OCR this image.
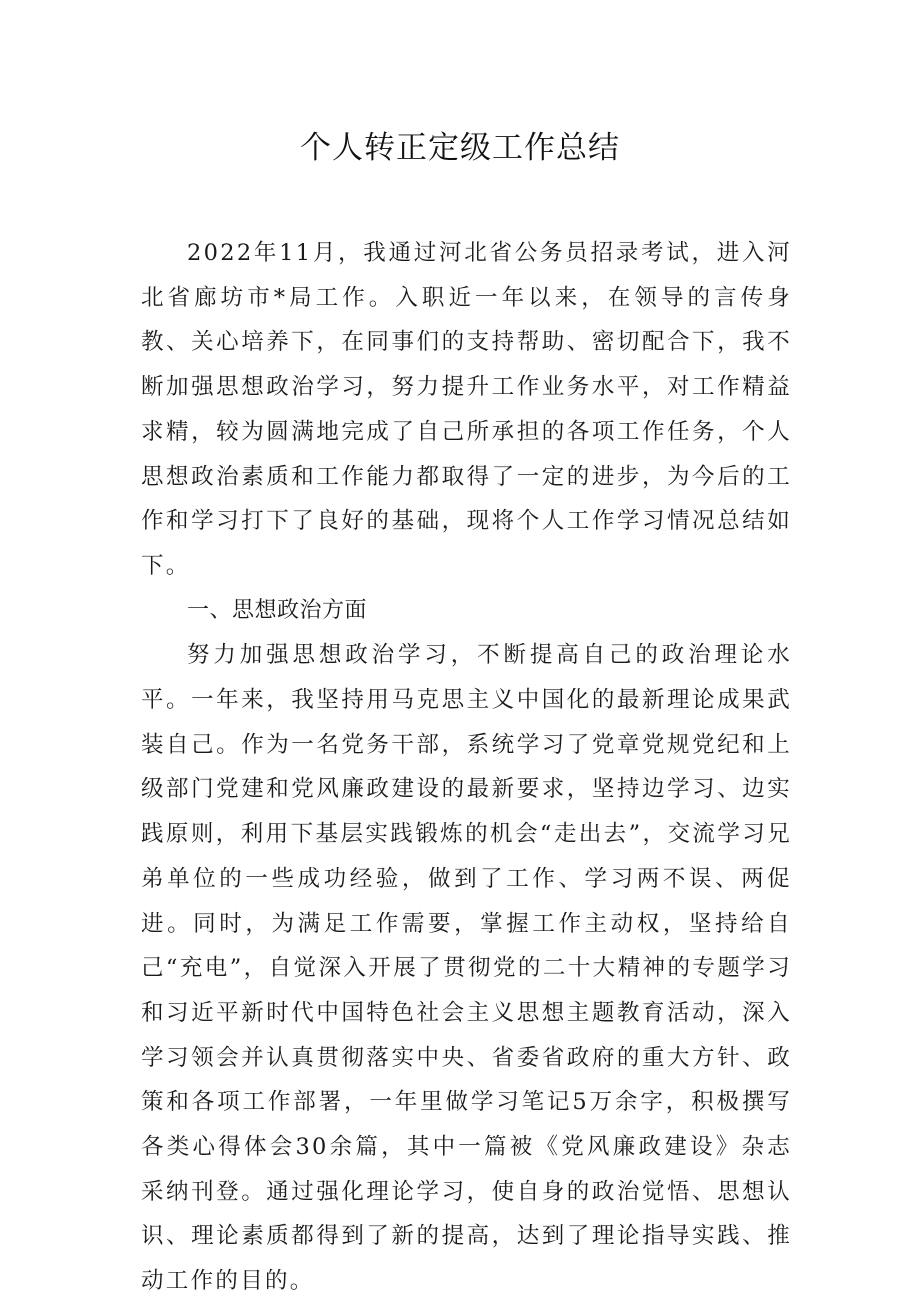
个人转正定级工作总结

2022年11月，我通过河北省公务员招录考试，进入河北省廊坊市*局工作。入职近一年以来，在领导的言传身教、关心培养下，在同事们的支持帮助、密切配合下，我不断加强思想政治学习，努力提升工作业务水平，对工作精益求精，较为圆满地完成了自己所承担的各项工作任务，个人思想政治素质和工作能力都取得了一定的进步，为今后的工作和学习打下了良好的基础，现将个人工作学习情况总结如下。

一、思想政治方面

努力加强思想政治学习，不断提高自己的政治理论水平。一年来，我坚持用马克思主义中国化的最新理论成果武装自己。作为一名党务干部，系统学习了党章党规党纪和上级部门党建和党风廉政建设的最新要求，坚持边学习、边实践原则，利用下基层实践锻炼的机会“走出去”，交流学习兄弟单位的一些成功经验，做到了工作、学习两不误、两促进。同时，为满足工作需要，掌握工作主动权，坚持给自己“充电”，自觉深入开展了贯彻党的二十大精神的专题学习和习近平新时代中国特色社会主义思想主题教育活动，深入学习领会并认真贯彻落实中央、省委省政府的重大方针、政策和各项工作部署，一年里做学习笔记5万余字，积极撰写各类心得体会30余篇，其中一篇被《党风廉政建设》杂志采纳刊登。通过强化理论学习，使自身的政治觉悟、思想认识、理论素质都得到了新的提高，达到了理论指导实践、推动工作的目的。
